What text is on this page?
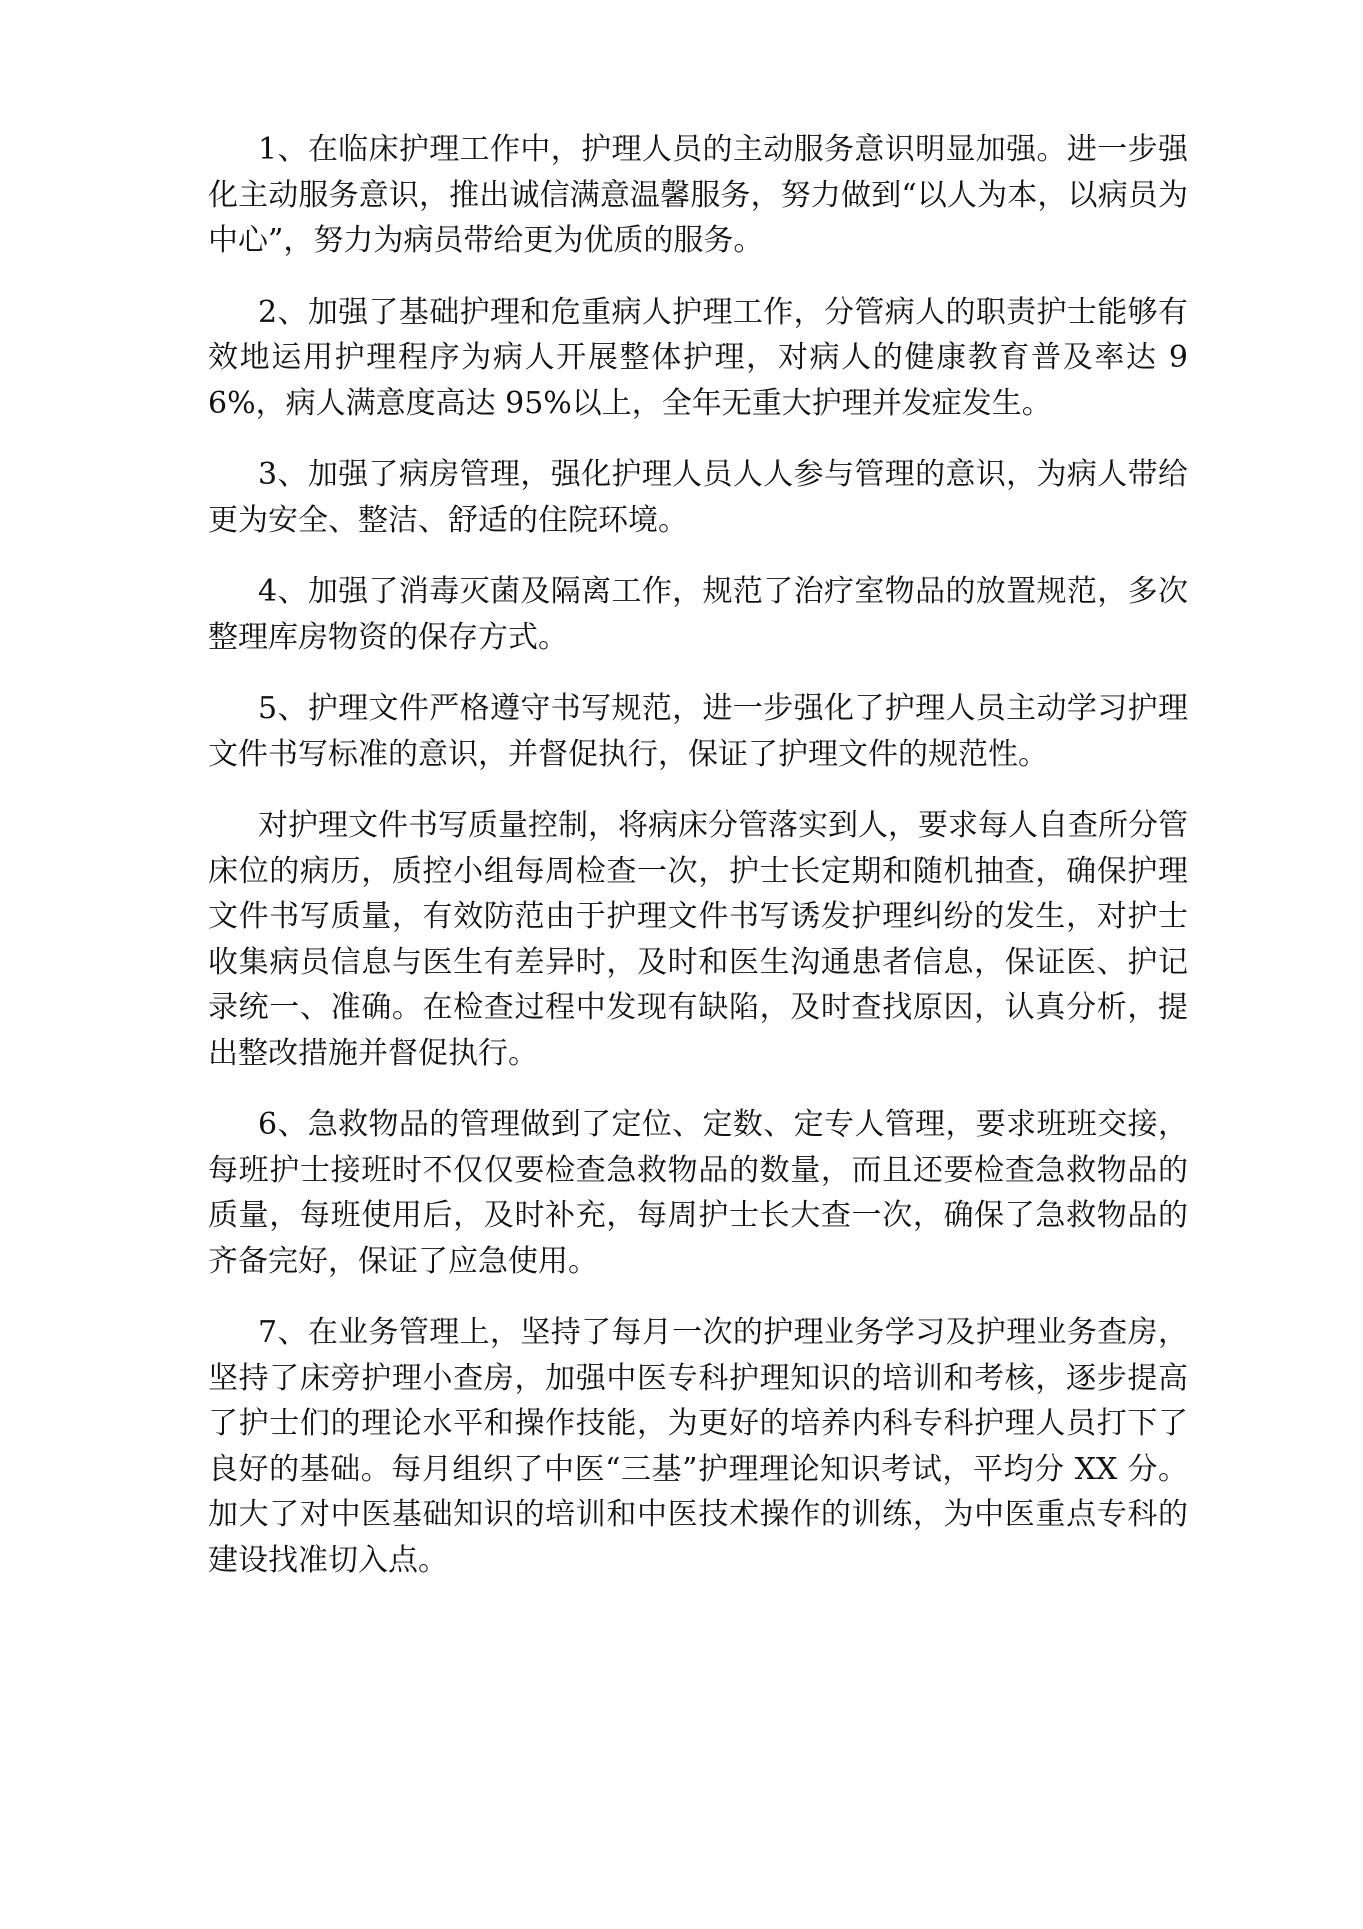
1、在临床护理工作中，护理人员的主动服务意识明显加强。进一步强化主动服务意识，推出诚信满意温馨服务，努力做到“以人为本，以病员为中心”，努力为病员带给更为优质的服务。

2、加强了基础护理和危重病人护理工作，分管病人的职责护士能够有效地运用护理程序为病人开展整体护理，对病人的健康教育普及率达 96%，病人满意度高达 95%以上，全年无重大护理并发症发生。

3、加强了病房管理，强化护理人员人人参与管理的意识，为病人带给更为安全、整洁、舒适的住院环境。

4、加强了消毒灭菌及隔离工作，规范了治疗室物品的放置规范，多次整理库房物资的保存方式。

5、护理文件严格遵守书写规范，进一步强化了护理人员主动学习护理文件书写标准的意识，并督促执行，保证了护理文件的规范性。

对护理文件书写质量控制，将病床分管落实到人，要求每人自查所分管床位的病历，质控小组每周检查一次，护士长定期和随机抽查，确保护理文件书写质量，有效防范由于护理文件书写诱发护理纠纷的发生，对护士收集病员信息与医生有差异时，及时和医生沟通患者信息，保证医、护记录统一、准确。在检查过程中发现有缺陷，及时查找原因，认真分析，提出整改措施并督促执行。

6、急救物品的管理做到了定位、定数、定专人管理，要求班班交接，每班护士接班时不仅仅要检查急救物品的数量，而且还要检查急救物品的质量，每班使用后，及时补充，每周护士长大查一次，确保了急救物品的齐备完好，保证了应急使用。

7、在业务管理上，坚持了每月一次的护理业务学习及护理业务查房，坚持了床旁护理小查房，加强中医专科护理知识的培训和考核，逐步提高了护士们的理论水平和操作技能，为更好的培养内科专科护理人员打下了良好的基础。每月组织了中医“三基”护理理论知识考试，平均分 XX 分。加大了对中医基础知识的培训和中医技术操作的训练，为中医重点专科的建设找准切入点。
